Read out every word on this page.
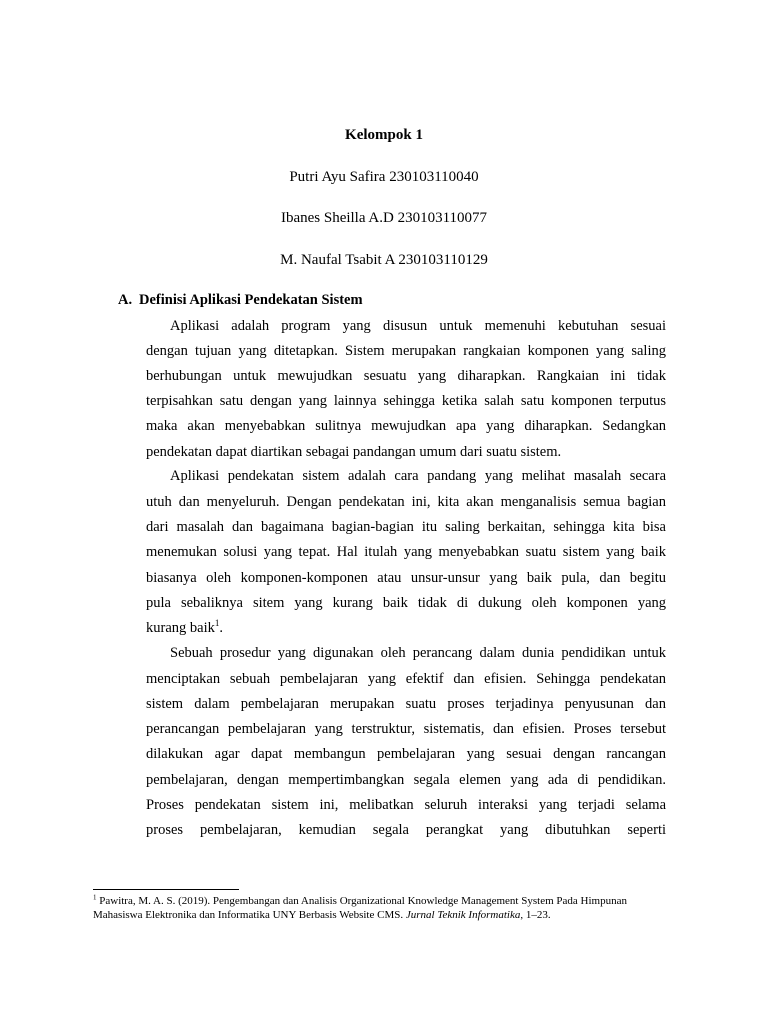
Kelompok 1
Putri Ayu Safira 230103110040
Ibanes Sheilla A.D 230103110077
M. Naufal Tsabit A 230103110129
A. Definisi Aplikasi Pendekatan Sistem
Aplikasi adalah program yang disusun untuk memenuhi kebutuhan sesuai
dengan tujuan yang ditetapkan. Sistem merupakan rangkaian komponen yang saling
berhubungan untuk mewujudkan sesuatu yang diharapkan. Rangkaian ini tidak
terpisahkan satu dengan yang lainnya sehingga ketika salah satu komponen terputus
maka akan menyebabkan sulitnya mewujudkan apa yang diharapkan. Sedangkan
pendekatan dapat diartikan sebagai pandangan umum dari suatu sistem.
Aplikasi pendekatan sistem adalah cara pandang yang melihat masalah secara
utuh dan menyeluruh. Dengan pendekatan ini, kita akan menganalisis semua bagian
dari masalah dan bagaimana bagian-bagian itu saling berkaitan, sehingga kita bisa
menemukan solusi yang tepat. Hal itulah yang menyebabkan suatu sistem yang baik
biasanya oleh komponen-komponen atau unsur-unsur yang baik pula, dan begitu
pula sebaliknya sitem yang kurang baik tidak di dukung oleh komponen yang
kurang baik$^1$.
Sebuah prosedur yang digunakan oleh perancang dalam dunia pendidikan untuk
menciptakan sebuah pembelajaran yang efektif dan efisien. Sehingga pendekatan
sistem dalam pembelajaran merupakan suatu proses terjadinya penyusunan dan
perancangan pembelajaran yang terstruktur, sistematis, dan efisien. Proses tersebut
dilakukan agar dapat membangun pembelajaran yang sesuai dengan rancangan
pembelajaran, dengan mempertimbangkan segala elemen yang ada di pendidikan.
Proses pendekatan sistem ini, melibatkan seluruh interaksi yang terjadi selama
proses pembelajaran, kemudian segala perangkat yang dibutuhkan seperti
$^1$ Pawitra, M. A. S. (2019). Pengembangan dan Analisis Organizational Knowledge Management System Pada Himpunan
Mahasiswa Elektronika dan Informatika UNY Berbasis Website CMS. Jurnal Teknik Informatika, 1–23.
